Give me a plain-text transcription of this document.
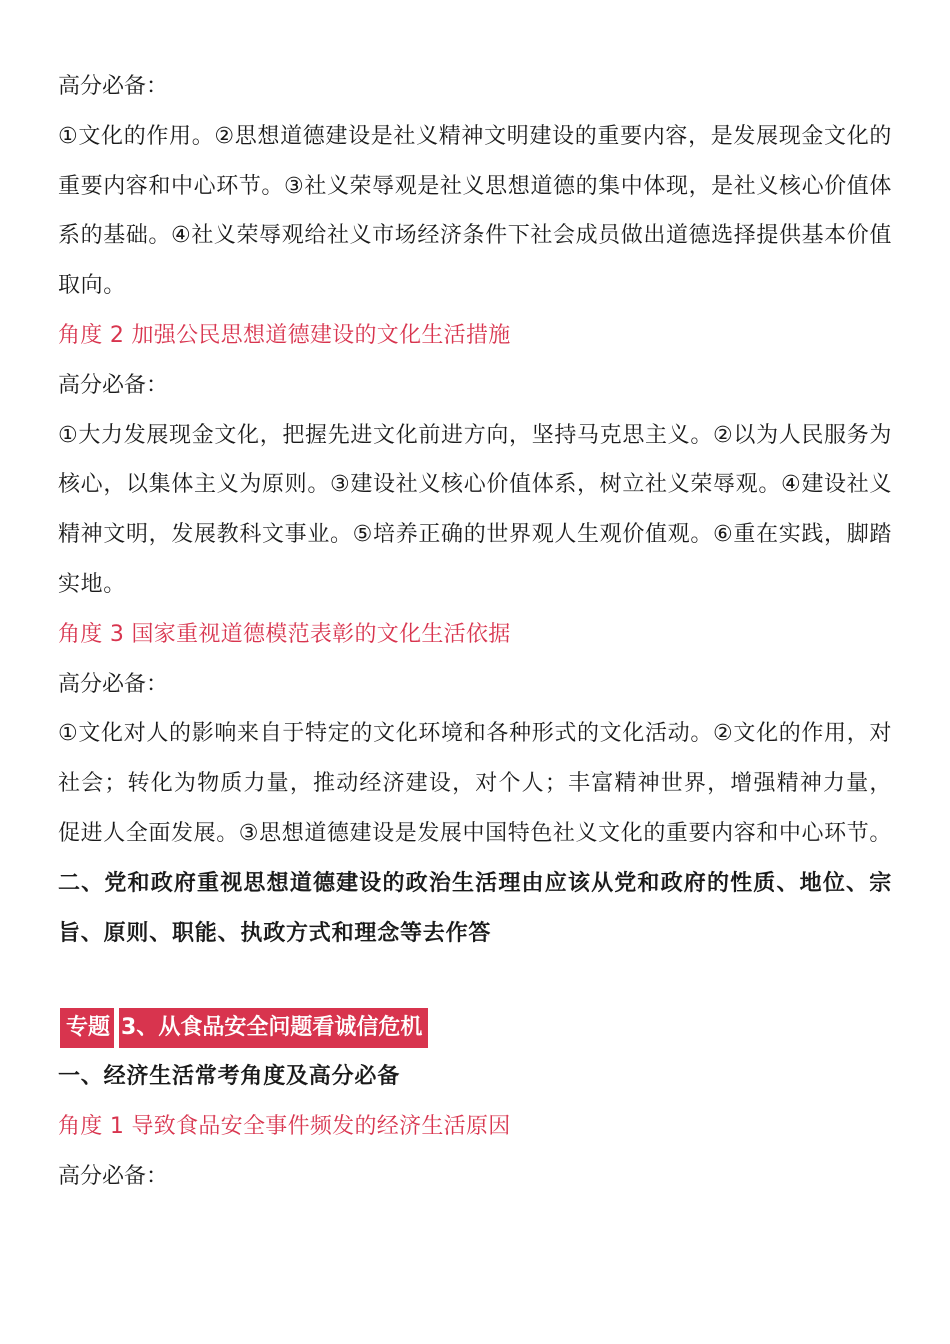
高分必备：

①文化的作用。②思想道德建设是社义精神文明建设的重要内容，是发展现金文化的重要内容和中心环节。③社义荣辱观是社义思想道德的集中体现，是社义核心价值体系的基础。④社义荣辱观给社义市场经济条件下社会成员做出道德选择提供基本价值取向。

角度 2 加强公民思想道德建设的文化生活措施

高分必备：

①大力发展现金文化，把握先进文化前进方向，坚持马克思主义。②以为人民服务为核心，以集体主义为原则。③建设社义核心价值体系，树立社义荣辱观。④建设社义精神文明，发展教科文事业。⑤培养正确的世界观人生观价值观。⑥重在实践，脚踏实地。

角度 3 国家重视道德模范表彰的文化生活依据

高分必备：

①文化对人的影响来自于特定的文化环境和各种形式的文化活动。②文化的作用，对社会；转化为物质力量，推动经济建设，对个人；丰富精神世界，增强精神力量，促进人全面发展。③思想道德建设是发展中国特色社义文化的重要内容和中心环节。

二、党和政府重视思想道德建设的政治生活理由应该从党和政府的性质、地位、宗旨、原则、职能、执政方式和理念等去作答

专题 3、从食品安全问题看诚信危机

一、经济生活常考角度及高分必备

角度 1 导致食品安全事件频发的经济生活原因

高分必备：
